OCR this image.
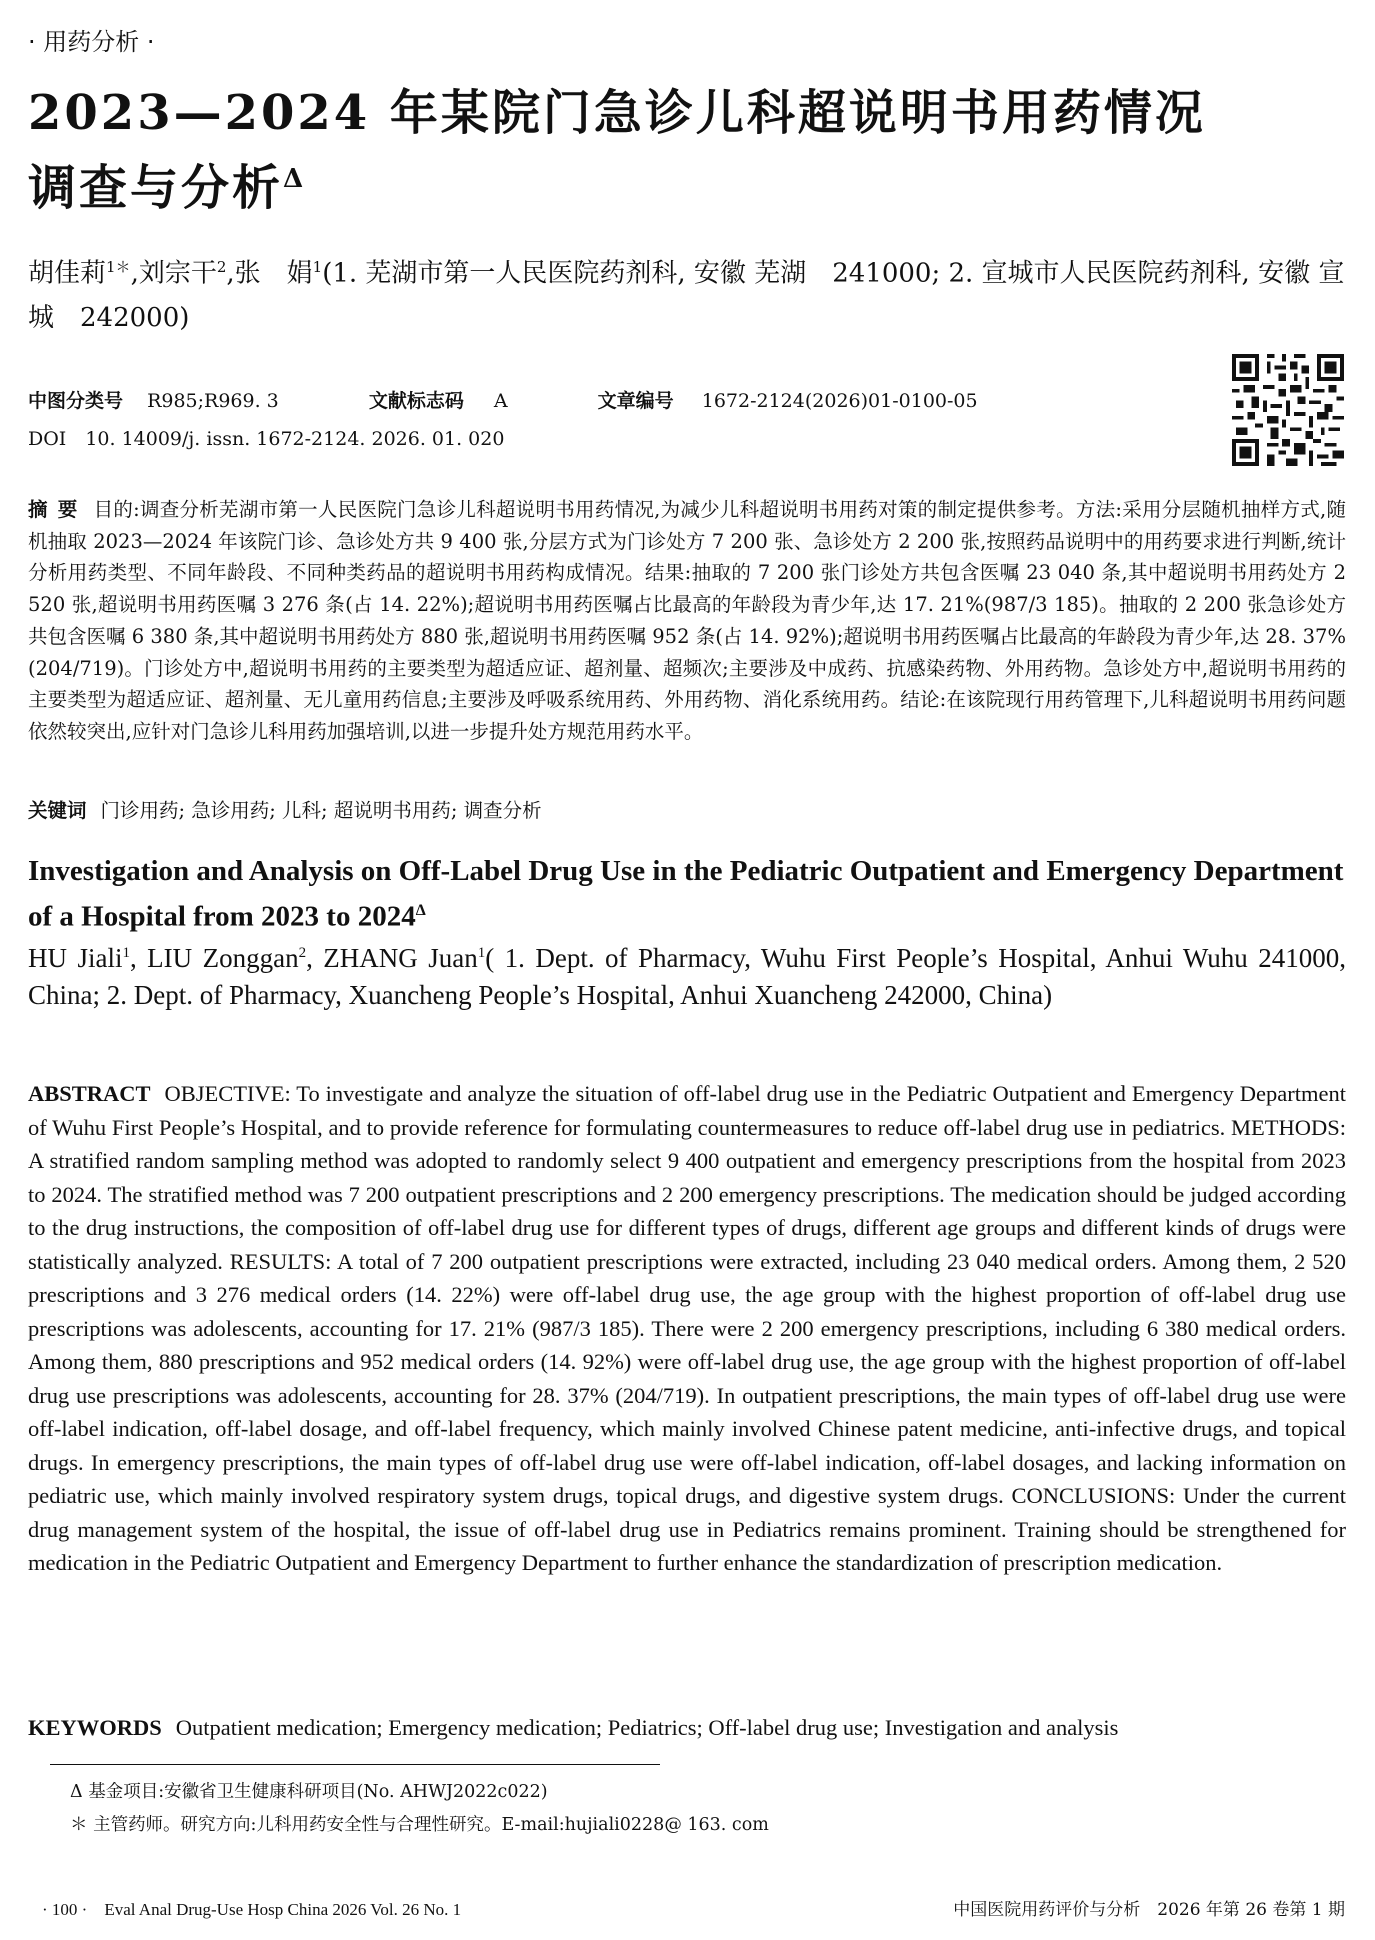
· 用药分析 ·
2023—2024 年某院门急诊儿科超说明书用药情况
调查与分析$^\Delta$
胡佳莉$^{1*}$,刘宗干$^2$,张　娟$^1$(1. 芜湖市第一人民医院药剂科, 安徽 芜湖　241000; 2. 宣城市人民医院药剂科, 安徽 宣城　242000)
中图分类号 R985;R969. 3	文献标志码 A	文章编号 1672-2124(2026)01-0100-05
DOI　10. 14009/j. issn. 1672-2124. 2026. 01. 020
摘要 目的:调查分析芜湖市第一人民医院门急诊儿科超说明书用药情况,为减少儿科超说明书用药对策的制定提供参考。方法:采用分层随机抽样方式,随机抽取 2023—2024 年该院门诊、急诊处方共 9 400 张,分层方式为门诊处方 7 200 张、急诊处方 2 200 张,按照药品说明中的用药要求进行判断,统计分析用药类型、不同年龄段、不同种类药品的超说明书用药构成情况。结果:抽取的 7 200 张门诊处方共包含医嘱 23 040 条,其中超说明书用药处方 2 520 张,超说明书用药医嘱 3 276 条(占 14. 22%);超说明书用药医嘱占比最高的年龄段为青少年,达 17. 21%(987/3 185)。抽取的 2 200 张急诊处方共包含医嘱 6 380 条,其中超说明书用药处方 880 张,超说明书用药医嘱 952 条(占 14. 92%);超说明书用药医嘱占比最高的年龄段为青少年,达 28. 37%(204/719)。门诊处方中,超说明书用药的主要类型为超适应证、超剂量、超频次;主要涉及中成药、抗感染药物、外用药物。急诊处方中,超说明书用药的主要类型为超适应证、超剂量、无儿童用药信息;主要涉及呼吸系统用药、外用药物、消化系统用药。结论:在该院现行用药管理下,儿科超说明书用药问题依然较突出,应针对门急诊儿科用药加强培训,以进一步提升处方规范用药水平。
关键词 门诊用药; 急诊用药; 儿科; 超说明书用药; 调查分析
Investigation and Analysis on Off-Label Drug Use in the Pediatric Outpatient and Emergency Department of a Hospital from 2023 to $2024^\Delta$
HU Jiali$^1$, LIU Zonggan$^2$, ZHANG Juan$^1$( 1. Dept. of Pharmacy, Wuhu First People’s Hospital, Anhui Wuhu 241000, China; 2. Dept. of Pharmacy, Xuancheng People’s Hospital, Anhui Xuancheng 242000, China)
ABSTRACT OBJECTIVE: To investigate and analyze the situation of off-label drug use in the Pediatric Outpatient and Emergency Department of Wuhu First People’s Hospital, and to provide reference for formulating countermeasures to reduce off-label drug use in pediatrics. METHODS: A stratified random sampling method was adopted to randomly select 9 400 outpatient and emergency prescriptions from the hospital from 2023 to 2024. The stratified method was 7 200 outpatient prescriptions and 2 200 emergency prescriptions. The medication should be judged according to the drug instructions, the composition of off-label drug use for different types of drugs, different age groups and different kinds of drugs were statistically analyzed. RESULTS: A total of 7 200 outpatient prescriptions were extracted, including 23 040 medical orders. Among them, 2 520 prescriptions and 3 276 medical orders (14. 22%) were off-label drug use, the age group with the highest proportion of off-label drug use prescriptions was adolescents, accounting for 17. 21% (987/3 185). There were 2 200 emergency prescriptions, including 6 380 medical orders. Among them, 880 prescriptions and 952 medical orders (14. 92%) were off-label drug use, the age group with the highest proportion of off-label drug use prescriptions was adolescents, accounting for 28. 37% (204/719). In outpatient prescriptions, the main types of off-label drug use were off-label indication, off-label dosage, and off-label frequency, which mainly involved Chinese patent medicine, anti-infective drugs, and topical drugs. In emergency prescriptions, the main types of off-label drug use were off-label indication, off-label dosages, and lacking information on pediatric use, which mainly involved respiratory system drugs, topical drugs, and digestive system drugs. CONCLUSIONS: Under the current drug management system of the hospital, the issue of off-label drug use in Pediatrics remains prominent. Training should be strengthened for medication in the Pediatric Outpatient and Emergency Department to further enhance the standardization of prescription medication.
KEYWORDS Outpatient medication; Emergency medication; Pediatrics; Off-label drug use; Investigation and analysis
Δ 基金项目:安徽省卫生健康科研项目(No. AHWJ2022c022)
＊ 主管药师。研究方向:儿科用药安全性与合理性研究。E-mail:hujiali0228@ 163. com
· 100 ·　Eval Anal Drug-Use Hosp China 2026 Vol. 26 No. 1	中国医院用药评价与分析　2026 年第 26 卷第 1 期
